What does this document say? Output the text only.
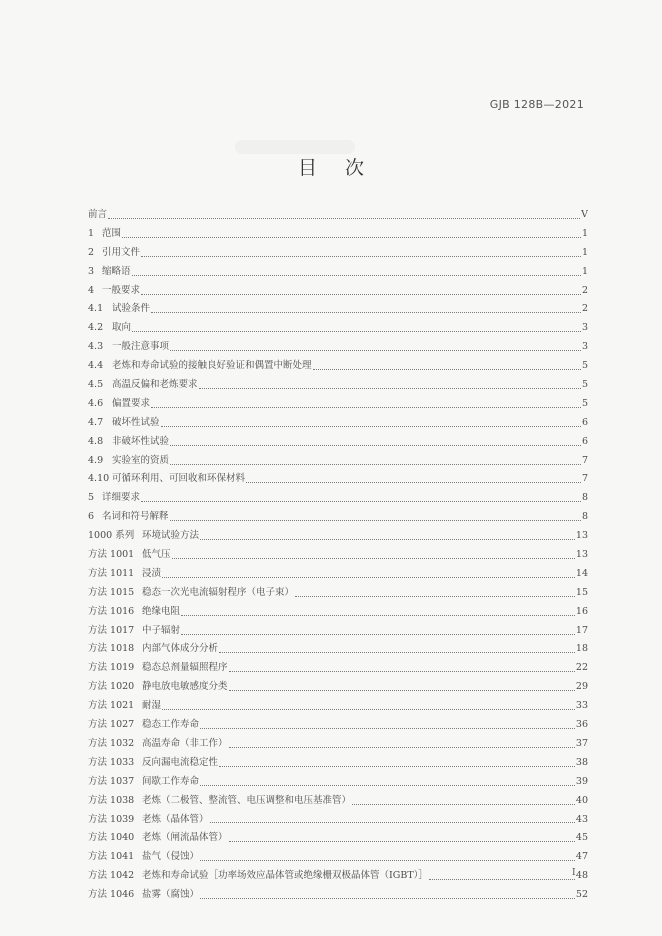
GJB 128B—2021
目次
前言	V
1 范围	1
2 引用文件	1
3 缩略语	1
4 一般要求	2
4.1 试验条件	2
4.2 取向	3
4.3 一般注意事项	3
4.4 老炼和寿命试验的接触良好验证和偶置中断处理	5
4.5 高温反偏和老炼要求	5
4.6 偏置要求	5
4.7 破坏性试验	6
4.8 非破坏性试验	6
4.9 实验室的资质	7
4.10 可循环利用、可回收和环保材料	7
5 详细要求	8
6 名词和符号解释	8
1000 系列 环境试验方法	13
方法 1001 低气压	13
方法 1011 浸渍	14
方法 1015 稳态一次光电流辐射程序（电子束）	15
方法 1016 绝缘电阻	16
方法 1017 中子辐射	17
方法 1018 内部气体成分分析	18
方法 1019 稳态总剂量辐照程序	22
方法 1020 静电放电敏感度分类	29
方法 1021 耐湿	33
方法 1027 稳态工作寿命	36
方法 1032 高温寿命（非工作）	37
方法 1033 反向漏电流稳定性	38
方法 1037 间歇工作寿命	39
方法 1038 老炼（二极管、整流管、电压调整和电压基准管）	40
方法 1039 老炼（晶体管）	43
方法 1040 老炼（闸流晶体管）	45
方法 1041 盐气（侵蚀）	47
方法 1042 老炼和寿命试验［功率场效应晶体管或绝缘栅双极晶体管（IGBT）］	48
方法 1046 盐雾（腐蚀）	52
I
